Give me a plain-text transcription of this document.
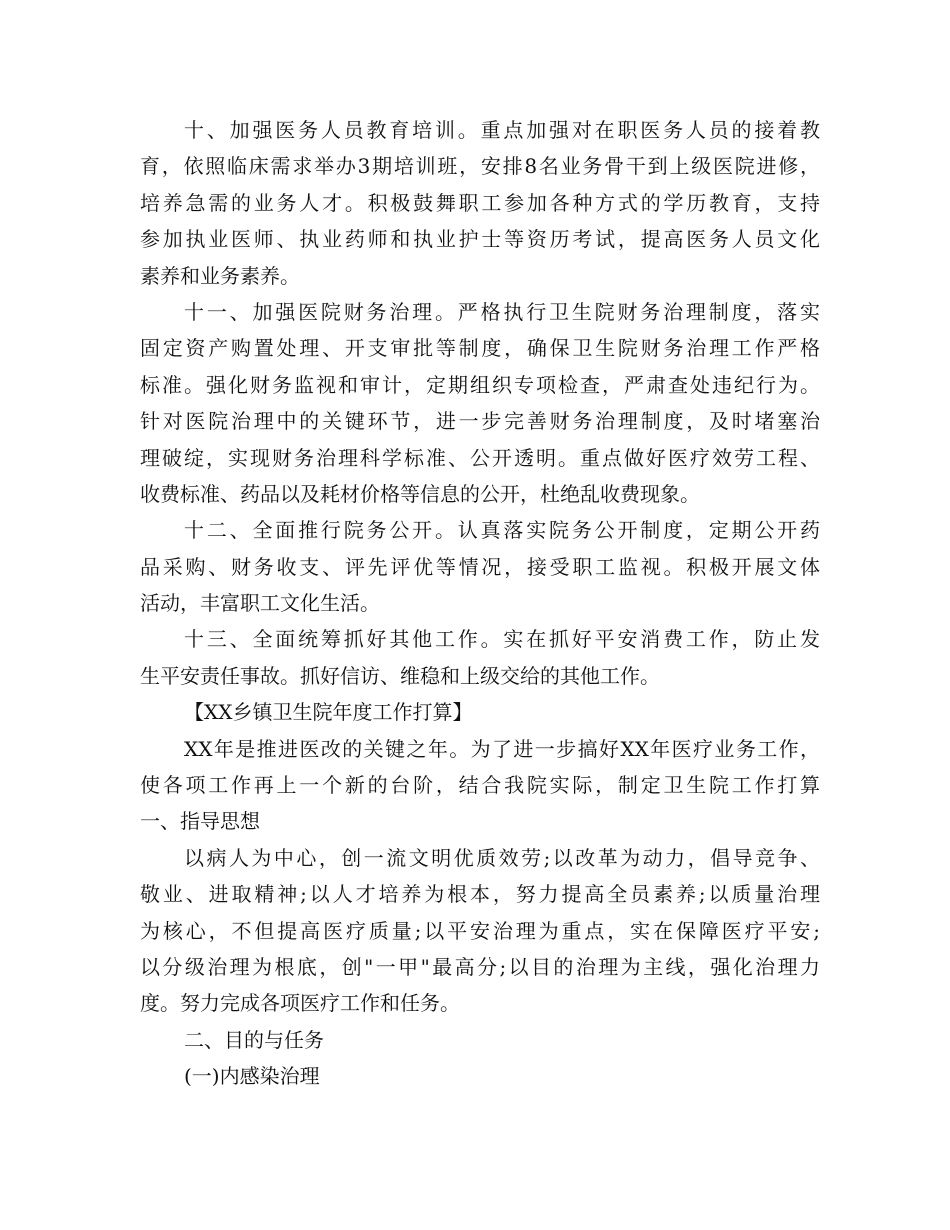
十、加强医务人员教育培训。重点加强对在职医务人员的接着教
育，依照临床需求举办3期培训班，安排8名业务骨干到上级医院进修，
培养急需的业务人才。积极鼓舞职工参加各种方式的学历教育，支持
参加执业医师、执业药师和执业护士等资历考试，提高医务人员文化
素养和业务素养。
十一、加强医院财务治理。严格执行卫生院财务治理制度，落实
固定资产购置处理、开支审批等制度，确保卫生院财务治理工作严格
标准。强化财务监视和审计，定期组织专项检查，严肃查处违纪行为。
针对医院治理中的关键环节，进一步完善财务治理制度，及时堵塞治
理破绽，实现财务治理科学标准、公开透明。重点做好医疗效劳工程、
收费标准、药品以及耗材价格等信息的公开，杜绝乱收费现象。
十二、全面推行院务公开。认真落实院务公开制度，定期公开药
品采购、财务收支、评先评优等情况，接受职工监视。积极开展文体
活动，丰富职工文化生活。
十三、全面统筹抓好其他工作。实在抓好平安消费工作，防止发
生平安责任事故。抓好信访、维稳和上级交给的其他工作。
【XX乡镇卫生院年度工作打算】
XX年是推进医改的关键之年。为了进一步搞好XX年医疗业务工作，
使各项工作再上一个新的台阶，结合我院实际，制定卫生院工作打算
一、指导思想
以病人为中心，创一流文明优质效劳;以改革为动力，倡导竞争、
敬业、进取精神;以人才培养为根本，努力提高全员素养;以质量治理
为核心，不但提高医疗质量;以平安治理为重点，实在保障医疗平安;
以分级治理为根底，创"一甲"最高分;以目的治理为主线，强化治理力
度。努力完成各项医疗工作和任务。
二、目的与任务
(一)内感染治理
